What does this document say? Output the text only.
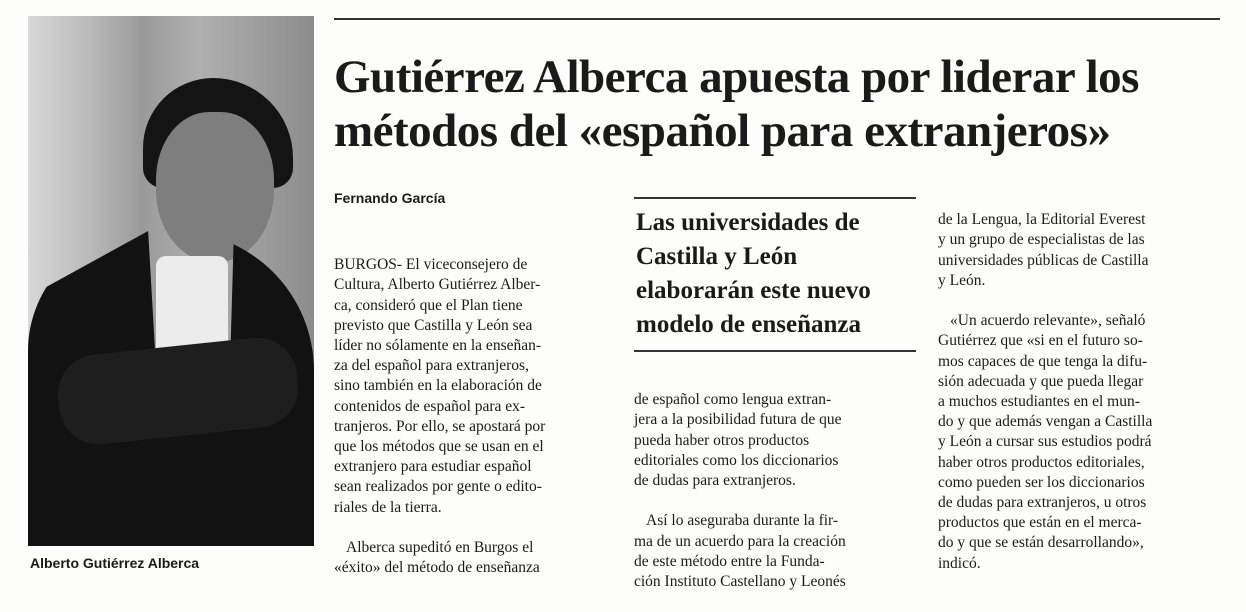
Alberto Gutiérrez Alberca
Gutiérrez Alberca apuesta por liderar los
métodos del «español para extranjeros»
Fernando García

BURGOS- El viceconsejero de
Cultura, Alberto Gutiérrez Alber-
ca, consideró que el Plan tiene
previsto que Castilla y León sea
líder no sólamente en la enseñan-
za del español para extranjeros,
sino también en la elaboración de
contenidos de español para ex-
tranjeros. Por ello, se apostará por
que los métodos que se usan en el
extranjero para estudiar español
sean realizados por gente o edito-
riales de la tierra.

Alberca supeditó en Burgos el
«éxito» del método de enseñanza

Las universidades de
Castilla y León
elaborarán este nuevo
modelo de enseñanza

de español como lengua extran-
jera a la posibilidad futura de que
pueda haber otros productos
editoriales como los diccionarios
de dudas para extranjeros.

Así lo aseguraba durante la fir-
ma de un acuerdo para la creación
de este método entre la Funda-
ción Instituto Castellano y Leonés

de la Lengua, la Editorial Everest
y un grupo de especialistas de las
universidades públicas de Castilla
y León.

«Un acuerdo relevante», señaló
Gutiérrez que «si en el futuro so-
mos capaces de que tenga la difu-
sión adecuada y que pueda llegar
a muchos estudiantes en el mun-
do y que además vengan a Castilla
y León a cursar sus estudios podrá
haber otros productos editoriales,
como pueden ser los diccionarios
de dudas para extranjeros, u otros
productos que están en el merca-
do y que se están desarrollando»,
indicó.
